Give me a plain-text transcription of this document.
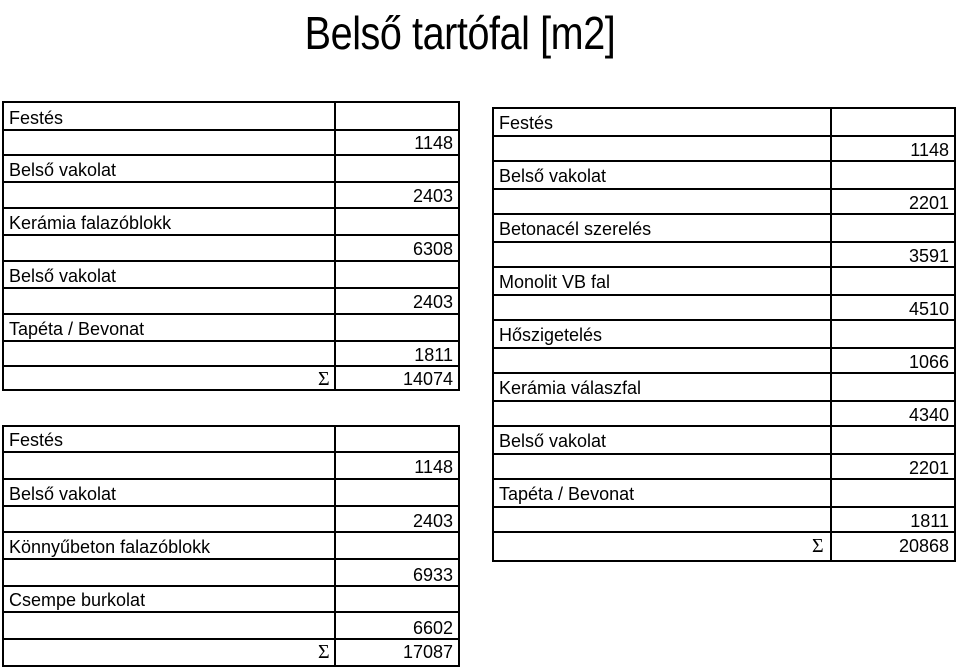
Belső tartófal [m2]
Festés
1148
Belső vakolat
2403
Kerámia falazóblokk
6308
Belső vakolat
2403
Tapéta / Bevonat
1811
Σ	14074
Festés
1148
Belső vakolat
2403
Könnyűbeton falazóblokk
6933
Csempe burkolat
6602
Σ	17087
Festés
1148
Belső vakolat
2201
Betonacél szerelés
3591
Monolit VB fal
4510
Hőszigetelés
1066
Kerámia válaszfal
4340
Belső vakolat
2201
Tapéta / Bevonat
1811
Σ	20868
